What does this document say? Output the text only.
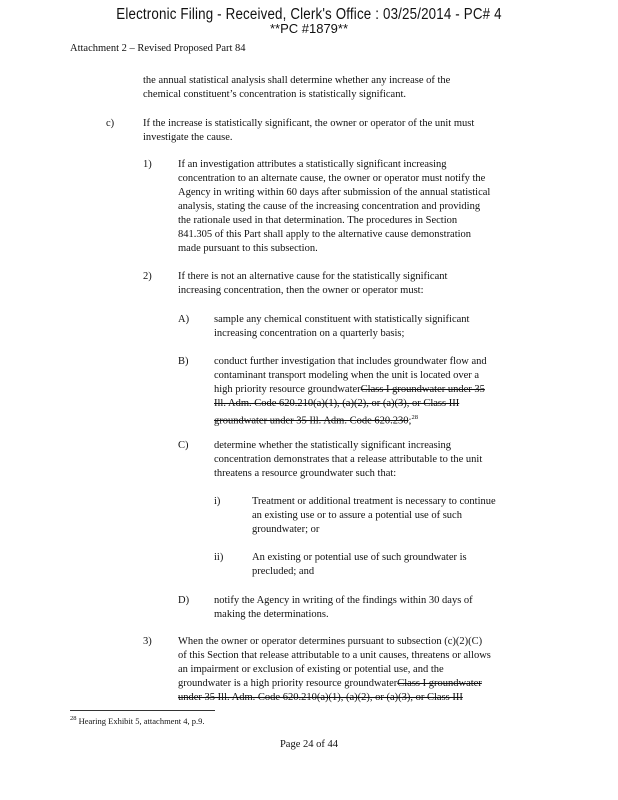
Electronic Filing - Received, Clerk's Office : 03/25/2014 - PC# 4
**PC #1879**
Attachment 2 – Revised Proposed Part 84
the annual statistical analysis shall determine whether any increase of the
chemical constituent’s concentration is statistically significant.
c)	If the increase is statistically significant, the owner or operator of the unit must
investigate the cause.
1)	If an investigation attributes a statistically significant increasing
concentration to an alternate cause, the owner or operator must notify the
Agency in writing within 60 days after submission of the annual statistical
analysis, stating the cause of the increasing concentration and providing
the rationale used in that determination. The procedures in Section
841.305 of this Part shall apply to the alternative cause demonstration
made pursuant to this subsection.
2)	If there is not an alternative cause for the statistically significant
increasing concentration, then the owner or operator must:
A) sample any chemical constituent with statistically significant
increasing concentration on a quarterly basis;
B) conduct further investigation that includes groundwater flow and
contaminant transport modeling when the unit is located over a
high priority resource groundwaterClass I groundwater under 35
Ill. Adm. Code 620.210(a)(1), (a)(2), or (a)(3), or Class III
groundwater under 35 Ill. Adm. Code 620.230;$^{28}$
C) determine whether the statistically significant increasing
concentration demonstrates that a release attributable to the unit
threatens a resource groundwater such that:
i)	Treatment or additional treatment is necessary to continue
an existing use or to assure a potential use of such
groundwater; or
ii)	An existing or potential use of such groundwater is
precluded; and
D) notify the Agency in writing of the findings within 30 days of
making the determinations.
3)	When the owner or operator determines pursuant to subsection (c)(2)(C)
of this Section that release attributable to a unit causes, threatens or allows
an impairment or exclusion of existing or potential use, and the
groundwater is a high priority resource groundwaterClass I groundwater
under 35 Ill. Adm. Code 620.210(a)(1), (a)(2), or (a)(3), or Class III
$^{28}$ Hearing Exhibit 5, attachment 4, p.9.
Page 24 of 44
